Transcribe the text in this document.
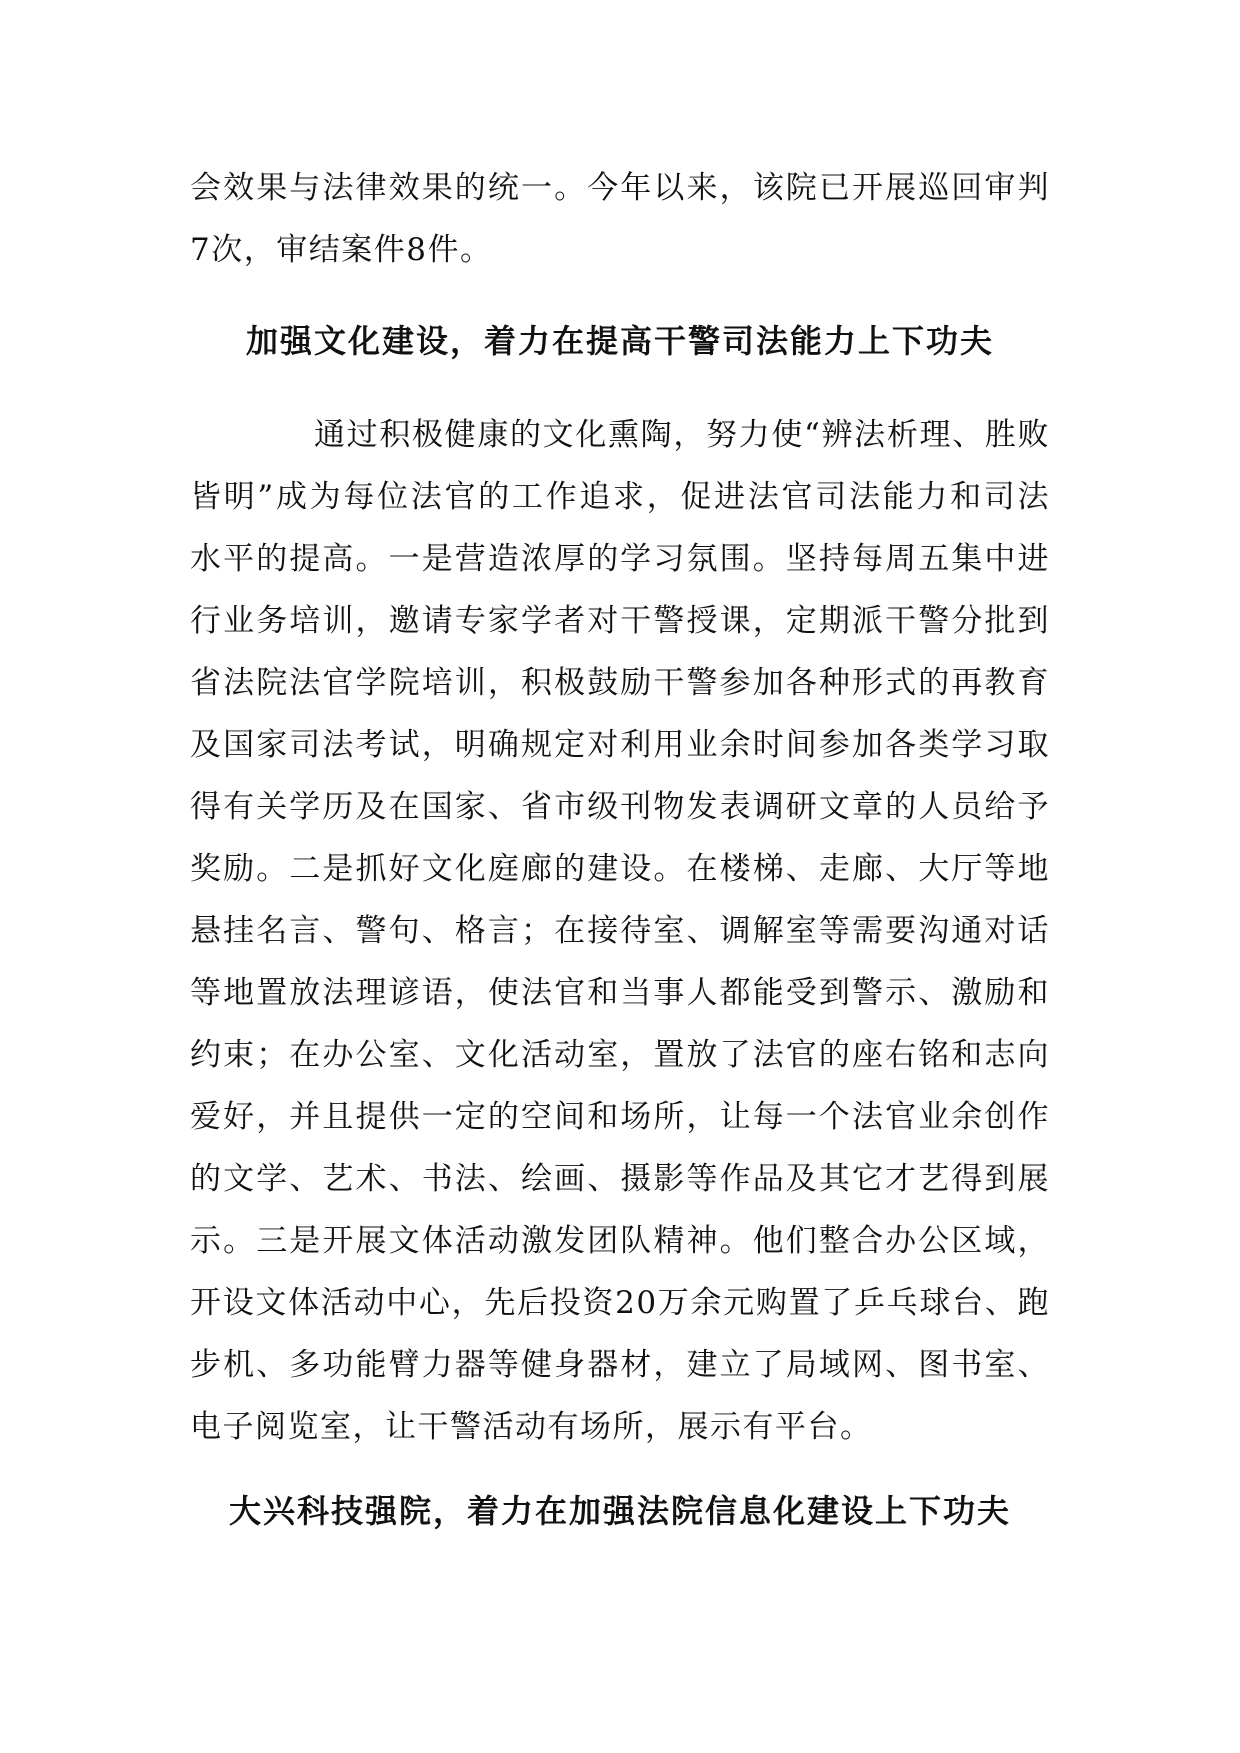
会效果与法律效果的统一。今年以来，该院已开展巡回审判7次，审结案件8件。

加强文化建设，着力在提高干警司法能力上下功夫

通过积极健康的文化熏陶，努力使“辨法析理、胜败皆明”成为每位法官的工作追求，促进法官司法能力和司法水平的提高。一是营造浓厚的学习氛围。坚持每周五集中进行业务培训，邀请专家学者对干警授课，定期派干警分批到省法院法官学院培训，积极鼓励干警参加各种形式的再教育及国家司法考试，明确规定对利用业余时间参加各类学习取得有关学历及在国家、省市级刊物发表调研文章的人员给予奖励。二是抓好文化庭廊的建设。在楼梯、走廊、大厅等地悬挂名言、警句、格言；在接待室、调解室等需要沟通对话等地置放法理谚语，使法官和当事人都能受到警示、激励和约束；在办公室、文化活动室，置放了法官的座右铭和志向爱好，并且提供一定的空间和场所，让每一个法官业余创作的文学、艺术、书法、绘画、摄影等作品及其它才艺得到展示。三是开展文体活动激发团队精神。他们整合办公区域，开设文体活动中心，先后投资20万余元购置了乒乓球台、跑步机、多功能臂力器等健身器材，建立了局域网、图书室、电子阅览室，让干警活动有场所，展示有平台。

大兴科技强院，着力在加强法院信息化建设上下功夫
